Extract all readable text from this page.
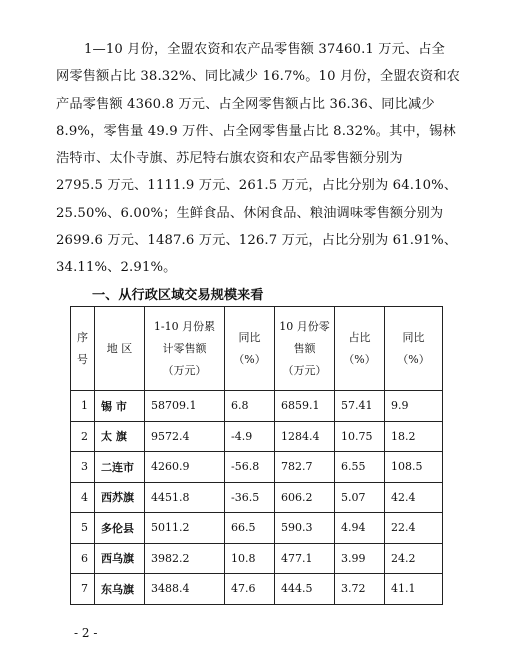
1—10 月份，全盟农资和农产品零售额 37460.1 万元、占全
网零售额占比 38.32%、同比减少 16.7%。10 月份，全盟农资和农
产品零售额 4360.8 万元、占全网零售额占比 36.36、同比减少
8.9%，零售量 49.9 万件、占全网零售量占比 8.32%。其中，锡林
浩特市、太仆寺旗、苏尼特右旗农资和农产品零售额分别为
2795.5 万元、1111.9 万元、261.5 万元，占比分别为 64.10%、
25.50%、6.00%；生鲜食品、休闲食品、粮油调味零售额分别为
2699.6 万元、1487.6 万元、126.7 万元，占比分别为 61.91%、
34.11%、2.91%。
一、从行政区域交易规模来看
序
号	地 区	1-10 月份累
计零售额
（万元）	同比
（%）	10 月份零
售额
（万元）	占比
（%）	同比
（%）
1	锡 市	58709.1	6.8	6859.1	57.41	9.9
2	太 旗	9572.4	-4.9	1284.4	10.75	18.2
3	二连市	4260.9	-56.8	782.7	6.55	108.5
4	西苏旗	4451.8	-36.5	606.2	5.07	42.4
5	多伦县	5011.2	66.5	590.3	4.94	22.4
6	西乌旗	3982.2	10.8	477.1	3.99	24.2
7	东乌旗	3488.4	47.6	444.5	3.72	41.1
- 2 -
